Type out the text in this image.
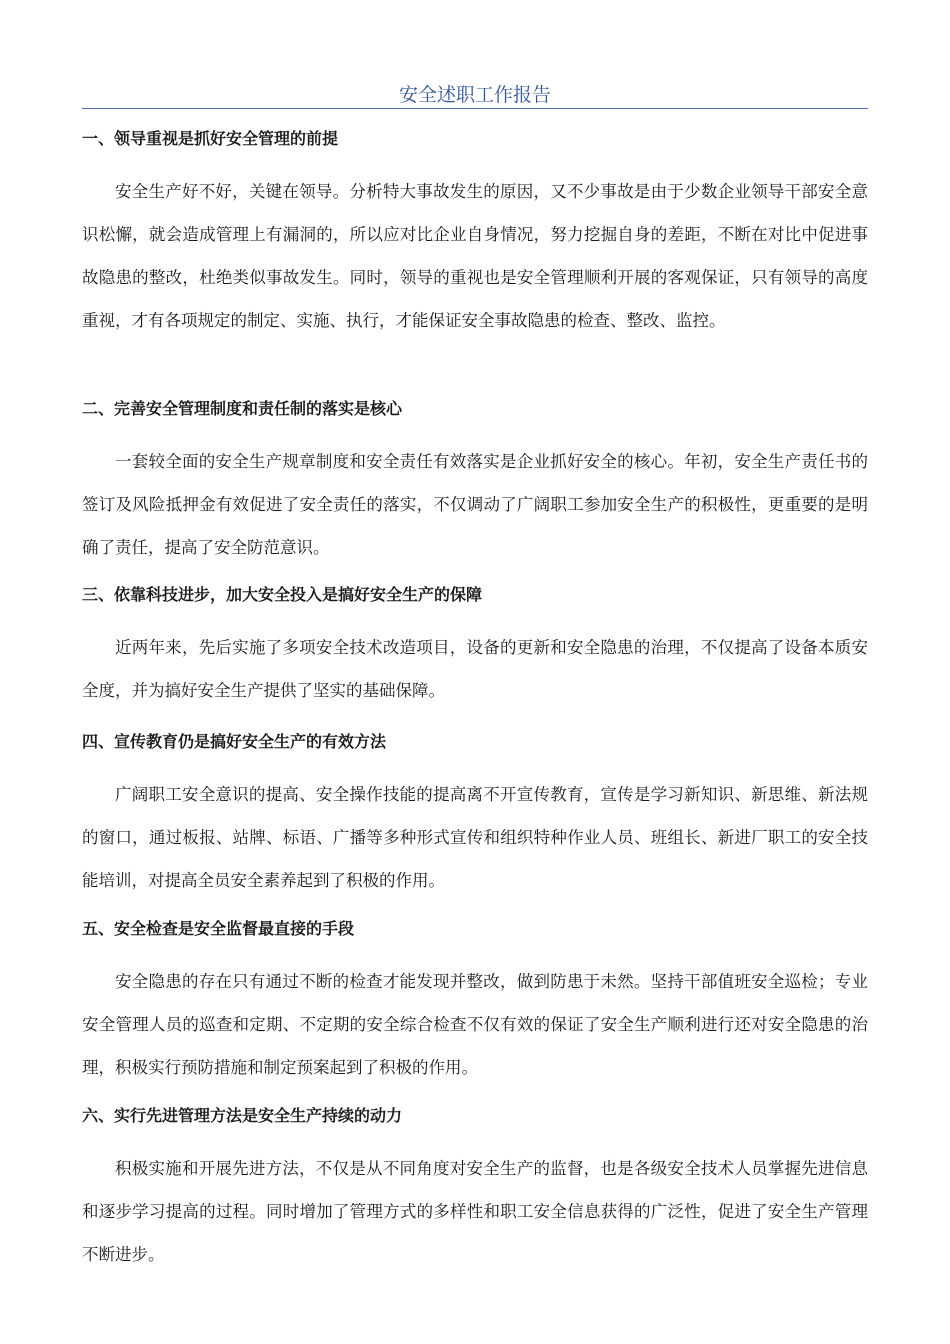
安全述职工作报告
一、领导重视是抓好安全管理的前提

安全生产好不好，关键在领导。分析特大事故发生的原因，又不少事故是由于少数企业领导干部安全意识松懈，就会造成管理上有漏洞的，所以应对比企业自身情况，努力挖掘自身的差距，不断在对比中促进事故隐患的整改，杜绝类似事故发生。同时，领导的重视也是安全管理顺利开展的客观保证，只有领导的高度重视，才有各项规定的制定、实施、执行，才能保证安全事故隐患的检查、整改、监控。

二、完善安全管理制度和责任制的落实是核心

一套较全面的安全生产规章制度和安全责任有效落实是企业抓好安全的核心。年初，安全生产责任书的签订及风险抵押金有效促进了安全责任的落实，不仅调动了广阔职工参加安全生产的积极性，更重要的是明确了责任，提高了安全防范意识。

三、依靠科技进步，加大安全投入是搞好安全生产的保障

近两年来，先后实施了多项安全技术改造项目，设备的更新和安全隐患的治理，不仅提高了设备本质安全度，并为搞好安全生产提供了坚实的基础保障。

四、宣传教育仍是搞好安全生产的有效方法

广阔职工安全意识的提高、安全操作技能的提高离不开宣传教育，宣传是学习新知识、新思维、新法规的窗口，通过板报、站牌、标语、广播等多种形式宣传和组织特种作业人员、班组长、新进厂职工的安全技能培训，对提高全员安全素养起到了积极的作用。

五、安全检查是安全监督最直接的手段

安全隐患的存在只有通过不断的检查才能发现并整改，做到防患于未然。坚持干部值班安全巡检；专业安全管理人员的巡查和定期、不定期的安全综合检查不仅有效的保证了安全生产顺利进行还对安全隐患的治理，积极实行预防措施和制定预案起到了积极的作用。

六、实行先进管理方法是安全生产持续的动力

积极实施和开展先进方法，不仅是从不同角度对安全生产的监督，也是各级安全技术人员掌握先进信息和逐步学习提高的过程。同时增加了管理方式的多样性和职工安全信息获得的广泛性，促进了安全生产管理不断进步。
